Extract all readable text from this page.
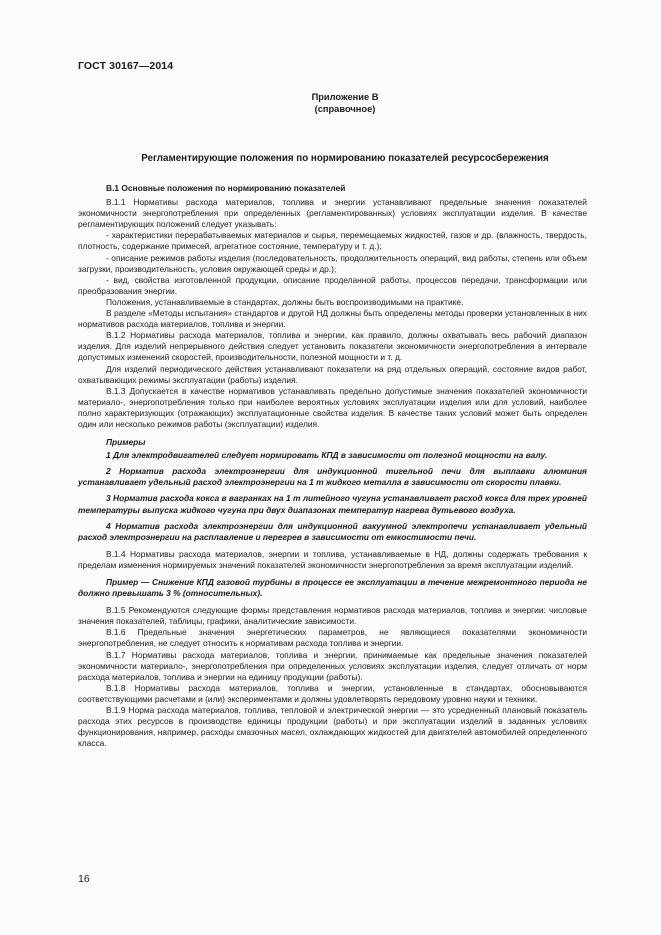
ГОСТ 30167—2014
Приложение В
(справочное)
Регламентирующие положения по нормированию показателей ресурсосбережения
В.1 Основные положения по нормированию показателей

В.1.1 Нормативы расхода материалов, топлива и энергии устанавливают предельные значения показателей экономичности энергопотребления при определенных (регламентированных) условиях эксплуатации изделия. В качестве регламентирующих положений следует указывать:

- характеристики перерабатываемых материалов и сырья, перемещаемых жидкостей, газов и др. (влажность, твердость, плотность, содержание примесей, агрегатное состояние, температуру и т. д.);

- описание режимов работы изделия (последовательность, продолжительность операций, вид работы, степень или объем загрузки, производительность, условия окружающей среды и др.);

- вид, свойства изготовленной продукции, описание проделанной работы, процессов передачи, трансформации или преобразования энергии.

Положения, устанавливаемые в стандартах, должны быть воспроизводимыми на практике.

В разделе «Методы испытания» стандартов и другой НД должны быть определены методы проверки установленных в них нормативов расхода материалов, топлива и энергии.

В.1.2 Нормативы расхода материалов, топлива и энергии, как правило, должны охватывать весь рабочий диапазон изделия. Для изделий непрерывного действия следует установить показатели экономичности энергопотребления в интервале допустимых изменений скоростей, производительности, полезной мощности и т. д.

Для изделий периодического действия устанавливают показатели на ряд отдельных операций, состояние видов работ, охватывающих режимы эксплуатации (работы) изделия.

В.1.3 Допускается в качестве нормативов устанавливать предельно допустимые значения показателей экономичности материало-, энергопотребления только при наиболее вероятных условиях эксплуатации изделия или для условий, наиболее полно характеризующих (отражающих) эксплуатационные свойства изделия. В качестве таких условий может быть определен один или несколько режимов работы (эксплуатации) изделия.

Примеры

1 Для электродвигателей следует нормировать КПД в зависимости от полезной мощности на валу.

2 Норматив расхода электроэнергии для индукционной тигельной печи для выплавки алюминия устанавливает удельный расход электроэнергии на 1 т жидкого металла в зависимости от скорости плавки.

3 Норматив расхода кокса в вагранках на 1 т литейного чугуна устанавливает расход кокса для трех уровней температуры выпуска жидкого чугуна при двух диапазонах температур нагрева дутьевого воздуха.

4 Норматив расхода электроэнергии для индукционной вакуумной электропечи устанавливает удельный расход электроэнергии на расплавление и перегрев в зависимости от емкостимости печи.

В.1.4 Нормативы расхода материалов, энергии и топлива, устанавливаемые в НД, должны содержать требования к пределам изменения нормируемых значений показателей экономичности энергопотребления за время эксплуатации изделий.

Пример — Снижение КПД газовой турбины в процессе ее эксплуатации в течение межремонтного периода не должно превышать 3 % (относительных).

В.1.5 Рекомендуются следующие формы представления нормативов расхода материалов, топлива и энергии: числовые значения показателей, таблицы, графики, аналитические зависимости.

В.1.6 Предельные значения энергетических параметров, не являющиеся показателями экономичности энергопотребления, не следует относить к нормативам расхода топлива и энергии.

В.1.7 Нормативы расхода материалов, топлива и энергии, принимаемые как предельные значения показателей экономичности материало-, энергопотребления при определенных условиях эксплуатации изделия, следует отличать от норм расхода материалов, топлива и энергии на единицу продукции (работы).

В.1.8 Нормативы расхода материалов, топлива и энергии, установленные в стандартах, обосновываются соответствующими расчетами и (или) экспериментами и должны удовлетворять передовому уровню науки и техники.

В.1.9 Норма расхода материалов, топлива, тепловой и электрической энергии — это усредненный плановый показатель расхода этих ресурсов в производстве единицы продукции (работы) и при эксплуатации изделий в заданных условиях функционирования, например, расходы смазочных масел, охлаждающих жидкостей для двигателей автомобилей определенного класса.

16
